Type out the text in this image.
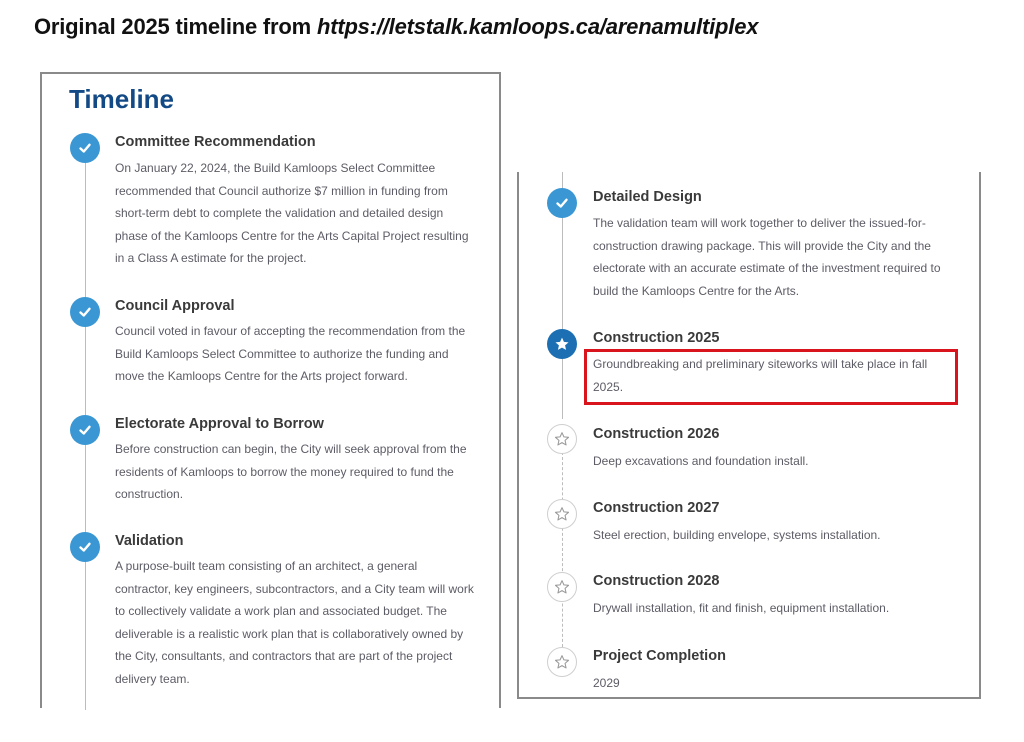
Original 2025 timeline from https://letstalk.kamloops.ca/arenamultiplex
Timeline
Committee Recommendation
On January 22, 2024, the Build Kamloops Select Committee recommended that Council authorize $7 million in funding from short-term debt to complete the validation and detailed design phase of the Kamloops Centre for the Arts Capital Project resulting in a Class A estimate for the project.
Council Approval
Council voted in favour of accepting the recommendation from the Build Kamloops Select Committee to authorize the funding and move the Kamloops Centre for the Arts project forward.
Electorate Approval to Borrow
Before construction can begin, the City will seek approval from the residents of Kamloops to borrow the money required to fund the construction.
Validation
A purpose-built team consisting of an architect, a general contractor, key engineers, subcontractors, and a City team will work to collectively validate a work plan and associated budget. The deliverable is a realistic work plan that is collaboratively owned by the City, consultants, and contractors that are part of the project delivery team.
Detailed Design
The validation team will work together to deliver the issued-for-construction drawing package. This will provide the City and the electorate with an accurate estimate of the investment required to build the Kamloops Centre for the Arts.
Construction 2025
Groundbreaking and preliminary siteworks will take place in fall 2025.
Construction 2026
Deep excavations and foundation install.
Construction 2027
Steel erection, building envelope, systems installation.
Construction 2028
Drywall installation, fit and finish, equipment installation.
Project Completion
2029
